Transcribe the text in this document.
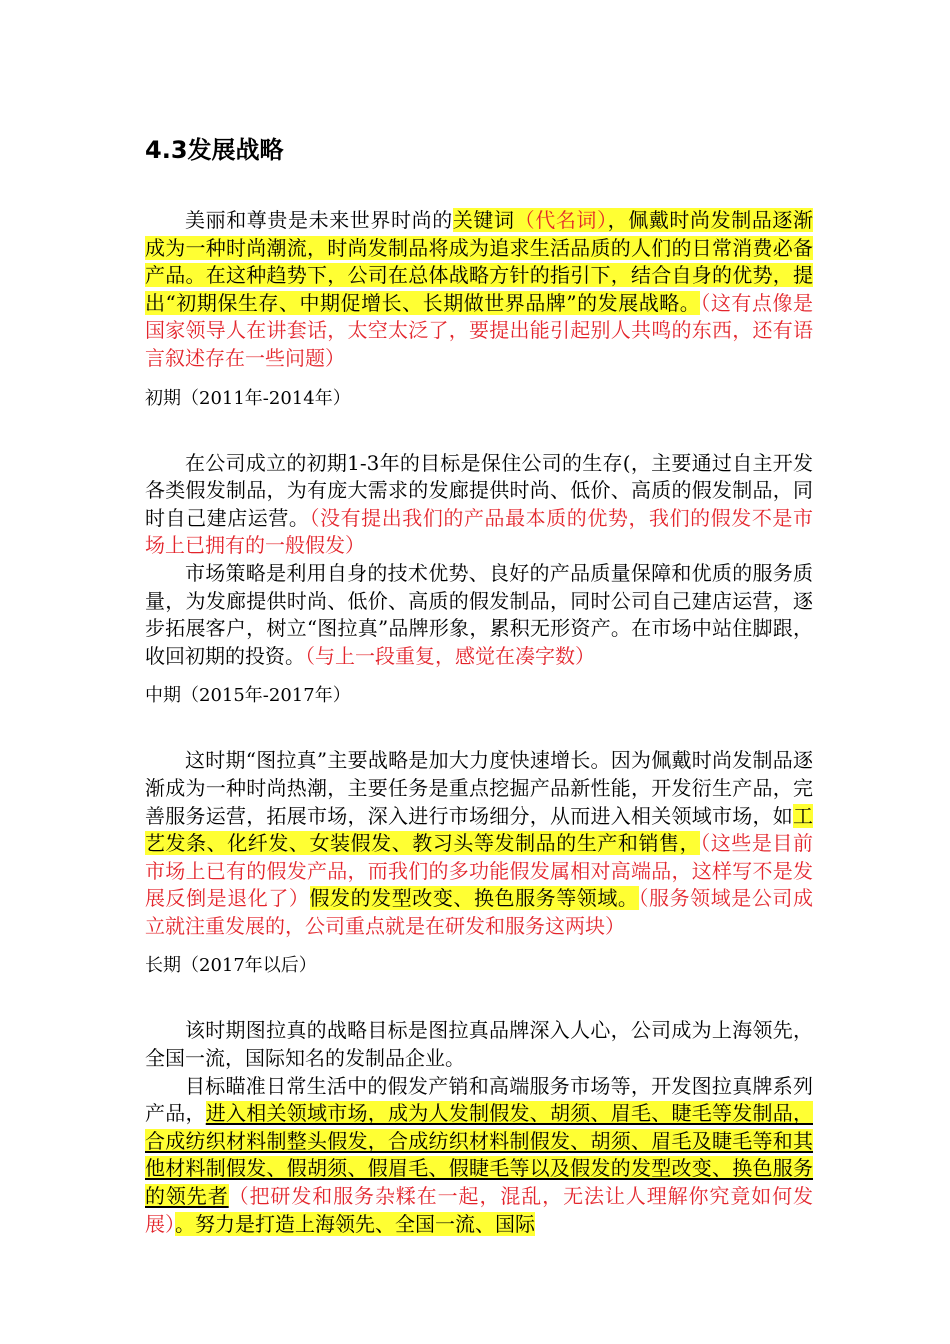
4.3发展战略

美丽和尊贵是未来世界时尚的关键词（代名词），佩戴时尚发制品逐渐成为一种时尚潮流，时尚发制品将成为追求生活品质的人们的日常消费必备产品。在这种趋势下，公司在总体战略方针的指引下，结合自身的优势，提出“初期保生存、中期促增长、长期做世界品牌”的发展战略。（这有点像是国家领导人在讲套话，太空太泛了，要提出能引起别人共鸣的东西，还有语言叙述存在一些问题）

初期（2011年-2014年）

在公司成立的初期1-3年的目标是保住公司的生存(，主要通过自主开发各类假发制品，为有庞大需求的发廊提供时尚、低价、高质的假发制品，同时自己建店运营。（没有提出我们的产品最本质的优势，我们的假发不是市场上已拥有的一般假发）

市场策略是利用自身的技术优势、良好的产品质量保障和优质的服务质量，为发廊提供时尚、低价、高质的假发制品，同时公司自己建店运营，逐步拓展客户，树立“图拉真”品牌形象，累积无形资产。在市场中站住脚跟，收回初期的投资。（与上一段重复，感觉在凑字数）

中期（2015年-2017年）

这时期“图拉真”主要战略是加大力度快速增长。因为佩戴时尚发制品逐渐成为一种时尚热潮，主要任务是重点挖掘产品新性能，开发衍生产品，完善服务运营，拓展市场，深入进行市场细分，从而进入相关领域市场，如工艺发条、化纤发、女装假发、教习头等发制品的生产和销售，（这些是目前市场上已有的假发产品，而我们的多功能假发属相对高端品，这样写不是发展反倒是退化了）假发的发型改变、换色服务等领域。（服务领域是公司成立就注重发展的，公司重点就是在研发和服务这两块）

长期（2017年以后）

该时期图拉真的战略目标是图拉真品牌深入人心，公司成为上海领先，全国一流，国际知名的发制品企业。

目标瞄准日常生活中的假发产销和高端服务市场等，开发图拉真牌系列产品，进入相关领域市场，成为人发制假发、胡须、眉毛、睫毛等发制品，合成纺织材料制整头假发，合成纺织材料制假发、胡须、眉毛及睫毛等和其他材料制假发、假胡须、假眉毛、假睫毛等以及假发的发型改变、换色服务的领先者（把研发和服务杂糅在一起，混乱，无法让人理解你究竟如何发展）。努力是打造上海领先、全国一流、国际
